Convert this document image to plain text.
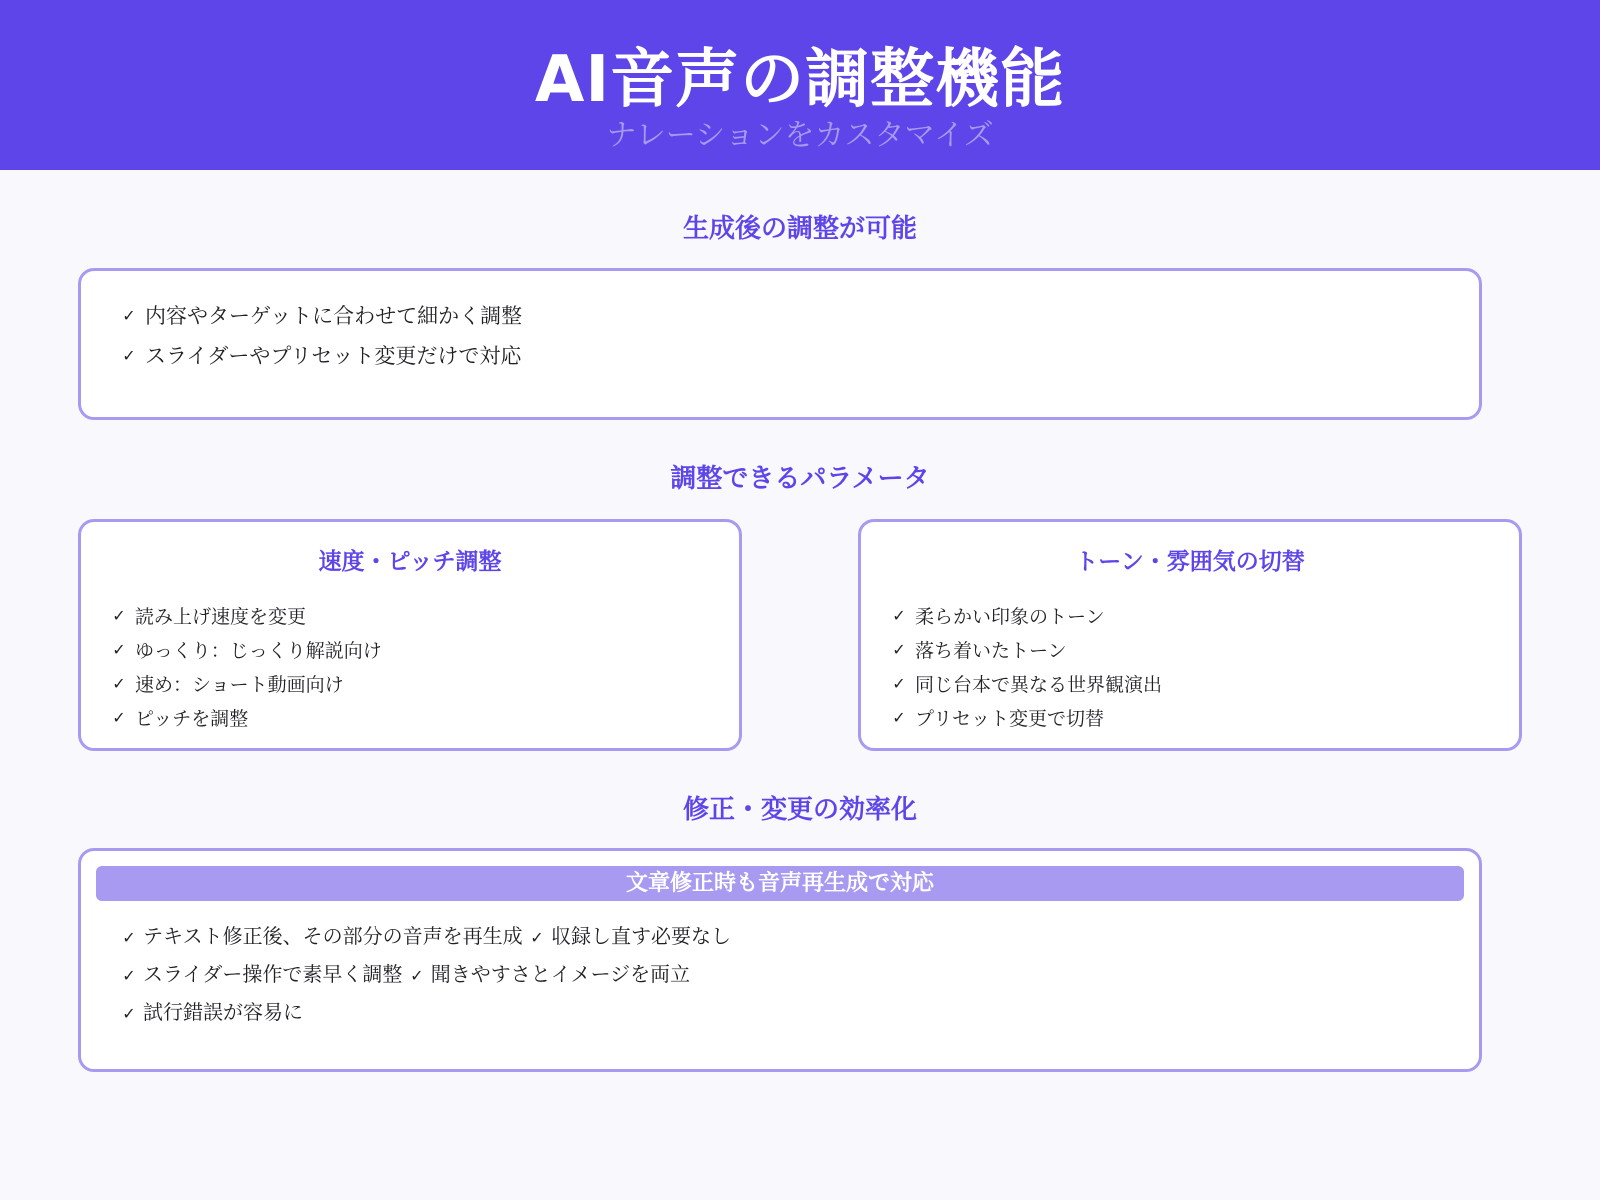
AI音声の調整機能
ナレーションをカスタマイズ
生成後の調整が可能
✓ 内容やターゲットに合わせて細かく調整
✓ スライダーやプリセット変更だけで対応
調整できるパラメータ
速度・ピッチ調整
✓ 読み上げ速度を変更
✓ ゆっくり：じっくり解説向け
✓ 速め：ショート動画向け
✓ ピッチを調整
トーン・雰囲気の切替
✓ 柔らかい印象のトーン
✓ 落ち着いたトーン
✓ 同じ台本で異なる世界観演出
✓ プリセット変更で切替
修正・変更の効率化
文章修正時も音声再生成で対応
✓ テキスト修正後、その部分の音声を再生成 ✓ 収録し直す必要なし ✓ スライダー操作で素早く調整 ✓ 聞きやすさとイメージを両立 ✓ 試行錯誤が容易に
